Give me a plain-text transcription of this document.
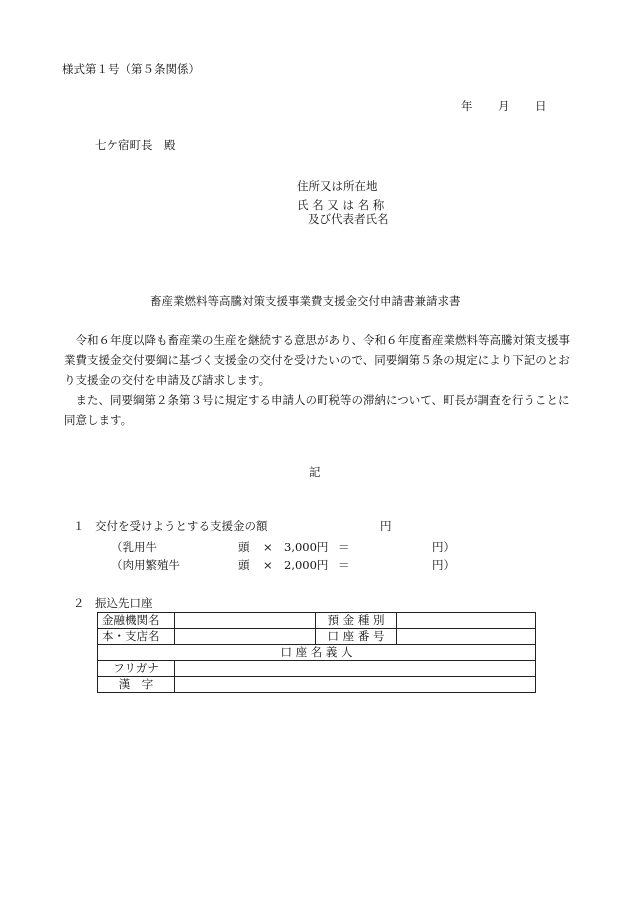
様式第１号（第５条関係）
年 月 日
七ケ宿町長　殿
住所又は所在地
氏 名 又 は 名 称
及び代表者氏名
畜産業燃料等高騰対策支援事業費支援金交付申請書兼請求書

令和６年度以降も畜産業の生産を継続する意思があり、令和６年度畜産業燃料等高騰対策支援事業費支援金交付要綱に基づく支援金の交付を受けたいので、同要綱第５条の規定により下記のとおり支援金の交付を申請及び請求します。

また、同要綱第２条第３号に規定する申請人の町税等の滞納について、町長が調査を行うことに同意します。

記
１ 交付を受けようとする支援金の額	円
（乳用牛	頭 × 3,000円 ＝	円）
（肉用繁殖牛	頭 × 2,000円 ＝	円）
２ 振込先口座
金融機関名		預 金 種 別	
本・支店名		口 座 番 号	
口 座 名 義 人			
フリガナ			
漢　字			
